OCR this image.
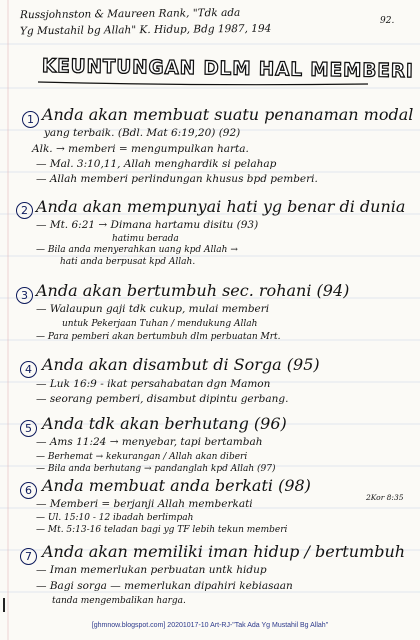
Russjohnston & Maureen Rank, "Tdk ada
Yg Mustahil bg Allah" K. Hidup, Bdg 1987, 194
92.
KEUNTUNGAN DLM HAL MEMBERI
1 Anda akan membuat suatu penanaman modal
yang terbaik. (Bdl. Mat 6:19,20) (92)
Alk. → memberi = mengumpulkan harta.
— Mal. 3:10,11, Allah menghardik si pelahap
— Allah memberi perlindungan khusus bpd pemberi.
2 Anda akan mempunyai hati yg benar di dunia
— Mt. 6:21 → Dimana hartamu disitu (93)
hatimu berada
— Bila anda menyerahkan uang kpd Allah →
hati anda berpusat kpd Allah.
3 Anda akan bertumbuh sec. rohani (94)
— Walaupun gaji tdk cukup, mulai memberi
untuk Pekerjaan Tuhan / mendukung Allah
— Para pemberi akan bertumbuh dlm perbuatan Mrt.
4 Anda akan disambut di Sorga (95)
— Luk 16:9 - ikat persahabatan dgn Mamon
— seorang pemberi, disambut dipintu gerbang.
5 Anda tdk akan berhutang (96)
— Ams 11:24 → menyebar, tapi bertambah
— Berhemat → kekurangan / Allah akan diberi
— Bila anda berhutang → pandanglah kpd Allah (97)
6 Anda membuat anda berkati (98)
2Kor 8:35
— Memberi = berjanji Allah memberkati
— Ul. 15:10 - 12 ibadah berlimpah
— Mt. 5:13-16 teladan bagi yg TF lebih tekun memberi
7 Anda akan memiliki iman hidup / bertumbuh
— Iman memerlukan perbuatan untk hidup
— Bagi sorga — memerlukan dipahiri kebiasaan
tanda mengembalikan harga.
[ghmnow.blogspot.com] 20201017-10 Art-RJ-"Tak Ada Yg Mustahil Bg Allah"
